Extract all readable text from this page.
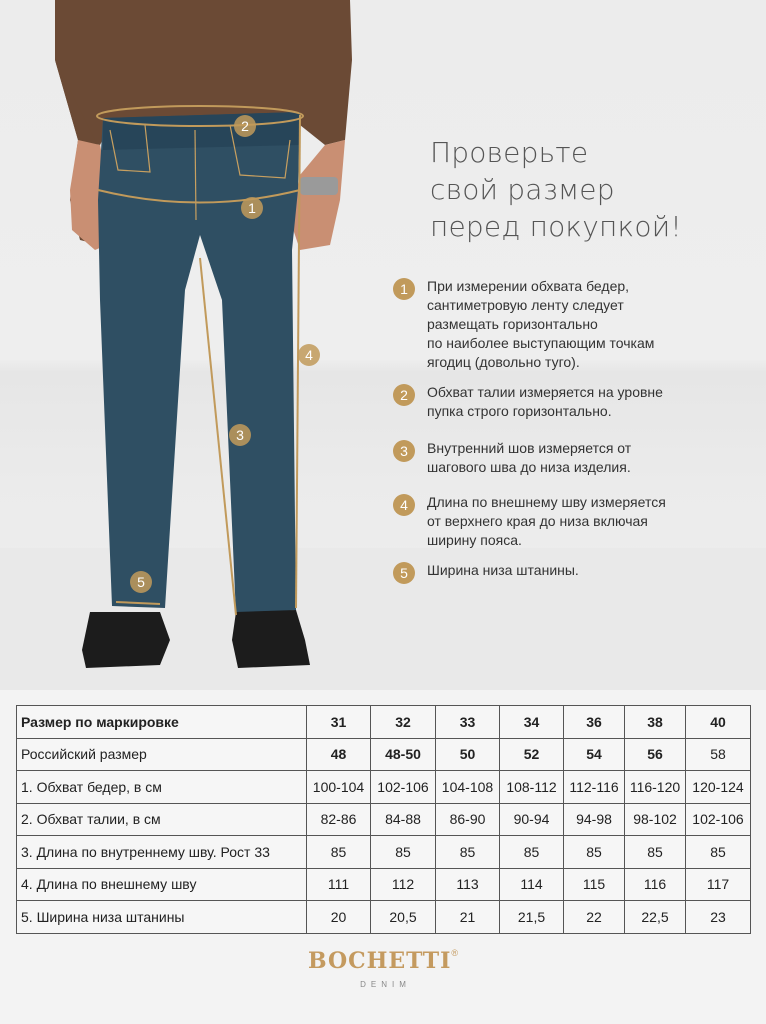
1
2
3
4
5
Проверьте
свой размер
перед покупкой!
1	При измерении обхвата бедер,
сантиметровую ленту следует
размещать горизонтально
по наиболее выступающим точкам
ягодиц (довольно туго).
2	Обхват талии измеряется на уровне
пупка строго горизонтально.
3	Внутренний шов измеряется от
шагового шва до низа изделия.
4	Длина по внешнему шву измеряется
от верхнего края до низа включая
ширину пояса.
5	Ширина низа штанины.
Размер по маркировке	31	32	33	34	36	38	40
Российский размер	48	48-50	50	52	54	56	58
1. Обхват бедер, в см	100-104	102-106	104-108	108-112	112-116	116-120	120-124
2. Обхват талии, в см	82-86	84-88	86-90	90-94	94-98	98-102	102-106
3. Длина по внутреннему шву. Рост 33	85	85	85	85	85	85	85
4. Длина по внешнему шву	111	112	113	114	115	116	117
5. Ширина низа штанины	20	20,5	21	21,5	22	22,5	23
BOCHETTI®
DENIM
